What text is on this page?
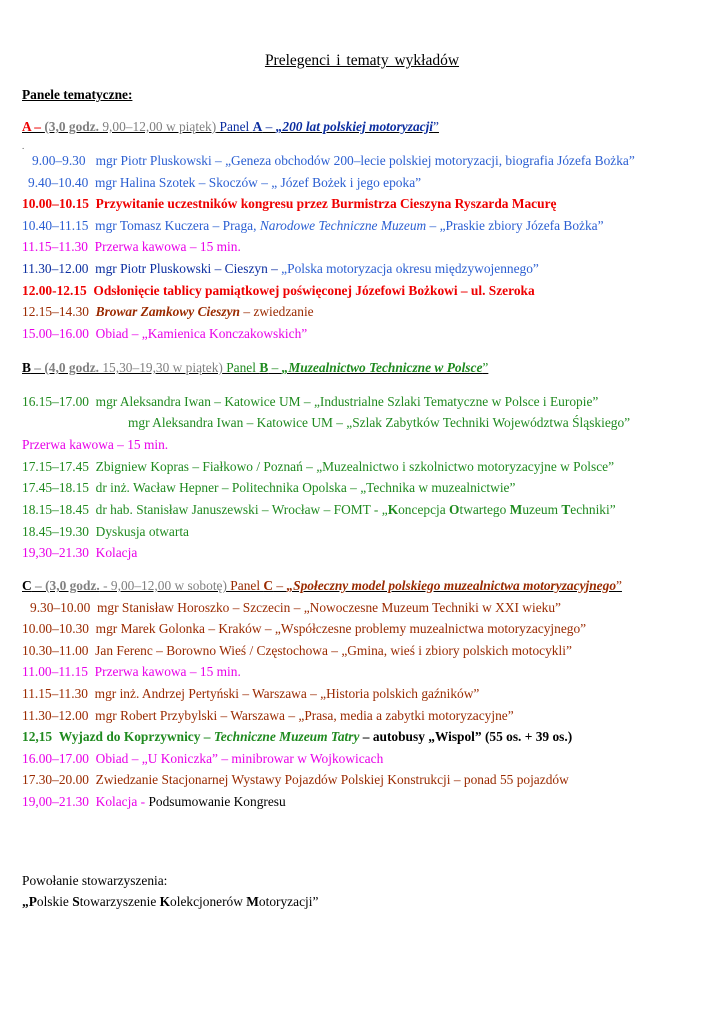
Prelegenci i tematy wykładów
Panele tematyczne:
A – (3,0 godz. 9,00–12,00 w piątek) Panel A – „200 lat polskiej motoryzacji”
.
9.00–9.30 mgr Piotr Pluskowski – „Geneza obchodów 200–lecie polskiej motoryzacji, biografia Józefa Bożka”
9.40–10.40 mgr Halina Szotek – Skoczów – „ Józef Bożek i jego epoka”
10.00–10.15 Przywitanie uczestników kongresu przez Burmistrza Cieszyna Ryszarda Macurę
10.40–11.15 mgr Tomasz Kuczera – Praga, Narodowe Techniczne Muzeum – „Praskie zbiory Józefa Bożka”
11.15–11.30 Przerwa kawowa – 15 min.
11.30–12.00 mgr Piotr Pluskowski – Cieszyn – „Polska motoryzacja okresu międzywojennego”
12.00-12.15 Odsłonięcie tablicy pamiątkowej poświęconej Józefowi Bożkowi – ul. Szeroka
12.15–14.30 Browar Zamkowy Cieszyn – zwiedzanie
15.00–16.00 Obiad – „Kamienica Konczakowskich”
B – (4,0 godz. 15,30–19,30 w piątek) Panel B – „Muzealnictwo Techniczne w Polsce”
16.15–17.00 mgr Aleksandra Iwan – Katowice UM – „Industrialne Szlaki Tematyczne w Polsce i Europie”
mgr Aleksandra Iwan – Katowice UM – „Szlak Zabytków Techniki Województwa Śląskiego”
Przerwa kawowa – 15 min.
17.15–17.45 Zbigniew Kopras – Fiałkowo / Poznań – „Muzealnictwo i szkolnictwo motoryzacyjne w Polsce”
17.45–18.15 dr inż. Wacław Hepner – Politechnika Opolska – „Technika w muzealnictwie”
18.15–18.45 dr hab. Stanisław Januszewski – Wrocław – FOMT - „Koncepcja Otwartego Muzeum Techniki”
18.45–19.30 Dyskusja otwarta
19,30–21.30 Kolacja
C – (3,0 godz. - 9,00–12,00 w sobotę) Panel C – „Społeczny model polskiego muzealnictwa motoryzacyjnego”
9.30–10.00 mgr Stanisław Horoszko – Szczecin – „Nowoczesne Muzeum Techniki w XXI wieku”
10.00–10.30 mgr Marek Golonka – Kraków – „Współczesne problemy muzealnictwa motoryzacyjnego”
10.30–11.00 Jan Ferenc – Borowno Wieś / Częstochowa – „Gmina, wieś i zbiory polskich motocykli”
11.00–11.15 Przerwa kawowa – 15 min.
11.15–11.30 mgr inż. Andrzej Pertyński – Warszawa – „Historia polskich gaźników”
11.30–12.00 mgr Robert Przybylski – Warszawa – „Prasa, media a zabytki motoryzacyjne”
12,15 Wyjazd do Koprzywnicy – Techniczne Muzeum Tatry – autobusy „Wispol” (55 os. + 39 os.)
16.00–17.00 Obiad – „U Koniczka” – minibrowar w Wojkowicach
17.30–20.00 Zwiedzanie Stacjonarnej Wystawy Pojazdów Polskiej Konstrukcji – ponad 55 pojazdów
19,00–21.30 Kolacja - Podsumowanie Kongresu
Powołanie stowarzyszenia:
„Polskie Stowarzyszenie Kolekcjonerów Motoryzacji”
